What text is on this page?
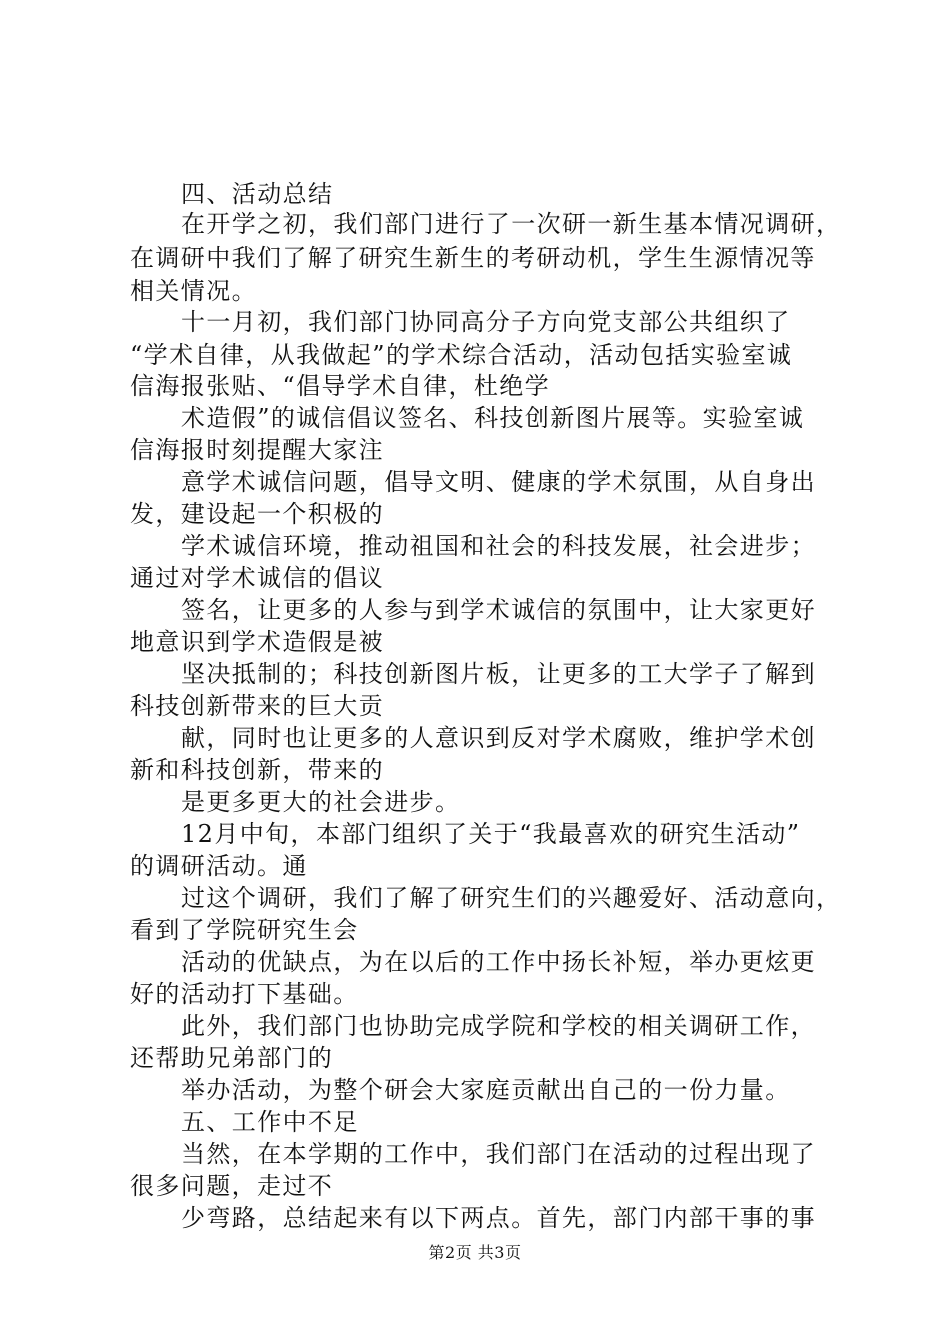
四、活动总结
在开学之初，我们部门进行了一次研一新生基本情况调研，
在调研中我们了解了研究生新生的考研动机，学生生源情况等
相关情况。
十一月初，我们部门协同高分子方向党支部公共组织了
“学术自律，从我做起”的学术综合活动，活动包括实验室诚
信海报张贴、“倡导学术自律，杜绝学
术造假”的诚信倡议签名、科技创新图片展等。实验室诚
信海报时刻提醒大家注
意学术诚信问题，倡导文明、健康的学术氛围，从自身出
发，建设起一个积极的
学术诚信环境，推动祖国和社会的科技发展，社会进步；
通过对学术诚信的倡议
签名，让更多的人参与到学术诚信的氛围中，让大家更好
地意识到学术造假是被
坚决抵制的；科技创新图片板，让更多的工大学子了解到
科技创新带来的巨大贡
献，同时也让更多的人意识到反对学术腐败，维护学术创
新和科技创新，带来的
是更多更大的社会进步。
12月中旬，本部门组织了关于“我最喜欢的研究生活动”
的调研活动。通
过这个调研，我们了解了研究生们的兴趣爱好、活动意向，
看到了学院研究生会
活动的优缺点，为在以后的工作中扬长补短，举办更炫更
好的活动打下基础。
此外，我们部门也协助完成学院和学校的相关调研工作，
还帮助兄弟部门的
举办活动，为整个研会大家庭贡献出自己的一份力量。
五、工作中不足
当然，在本学期的工作中，我们部门在活动的过程出现了
很多问题，走过不
少弯路，总结起来有以下两点。首先，部门内部干事的事
第2页 共3页
